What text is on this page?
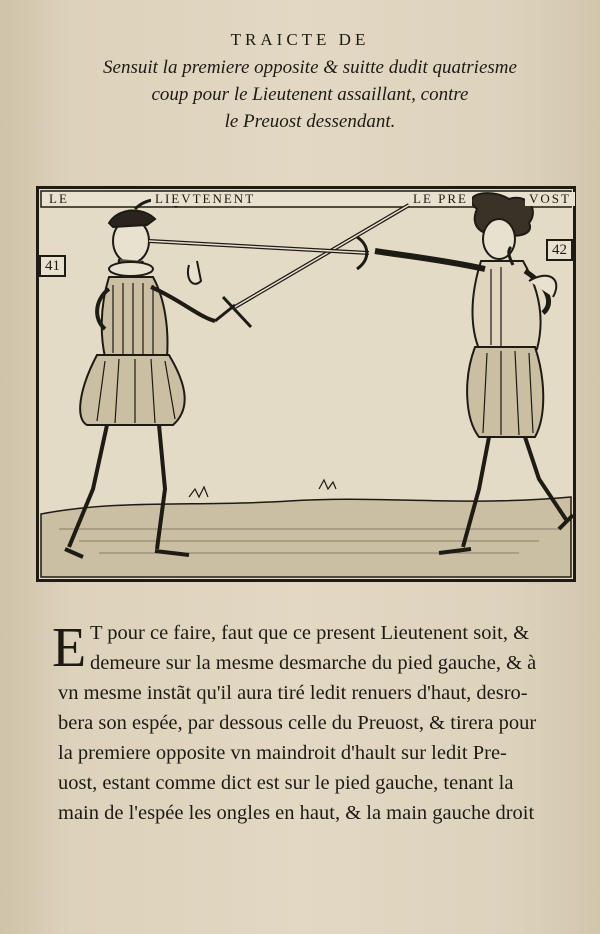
TRAICTE DE
Sensuit la premiere opposite & suitte dudit quatriesme
coup pour le Lieutenent assaillant, contre
le Preuost dessendant.
LE	LIEVTENENT	LE PRE	VOST
41
42
E T pour ce faire, faut que ce present Lieutenent soit, &
demeure sur la mesme desmarche du pied gauche, & à
vn mesme instãt qu'il aura tiré ledit renuers d'haut, desro-
bera son espée, par dessous celle du Preuost, & tirera pour
la premiere opposite vn maindroit d'hault sur ledit Pre-
uost, estant comme dict est sur le pied gauche, tenant la
main de l'espée les ongles en haut, & la main gauche droit
